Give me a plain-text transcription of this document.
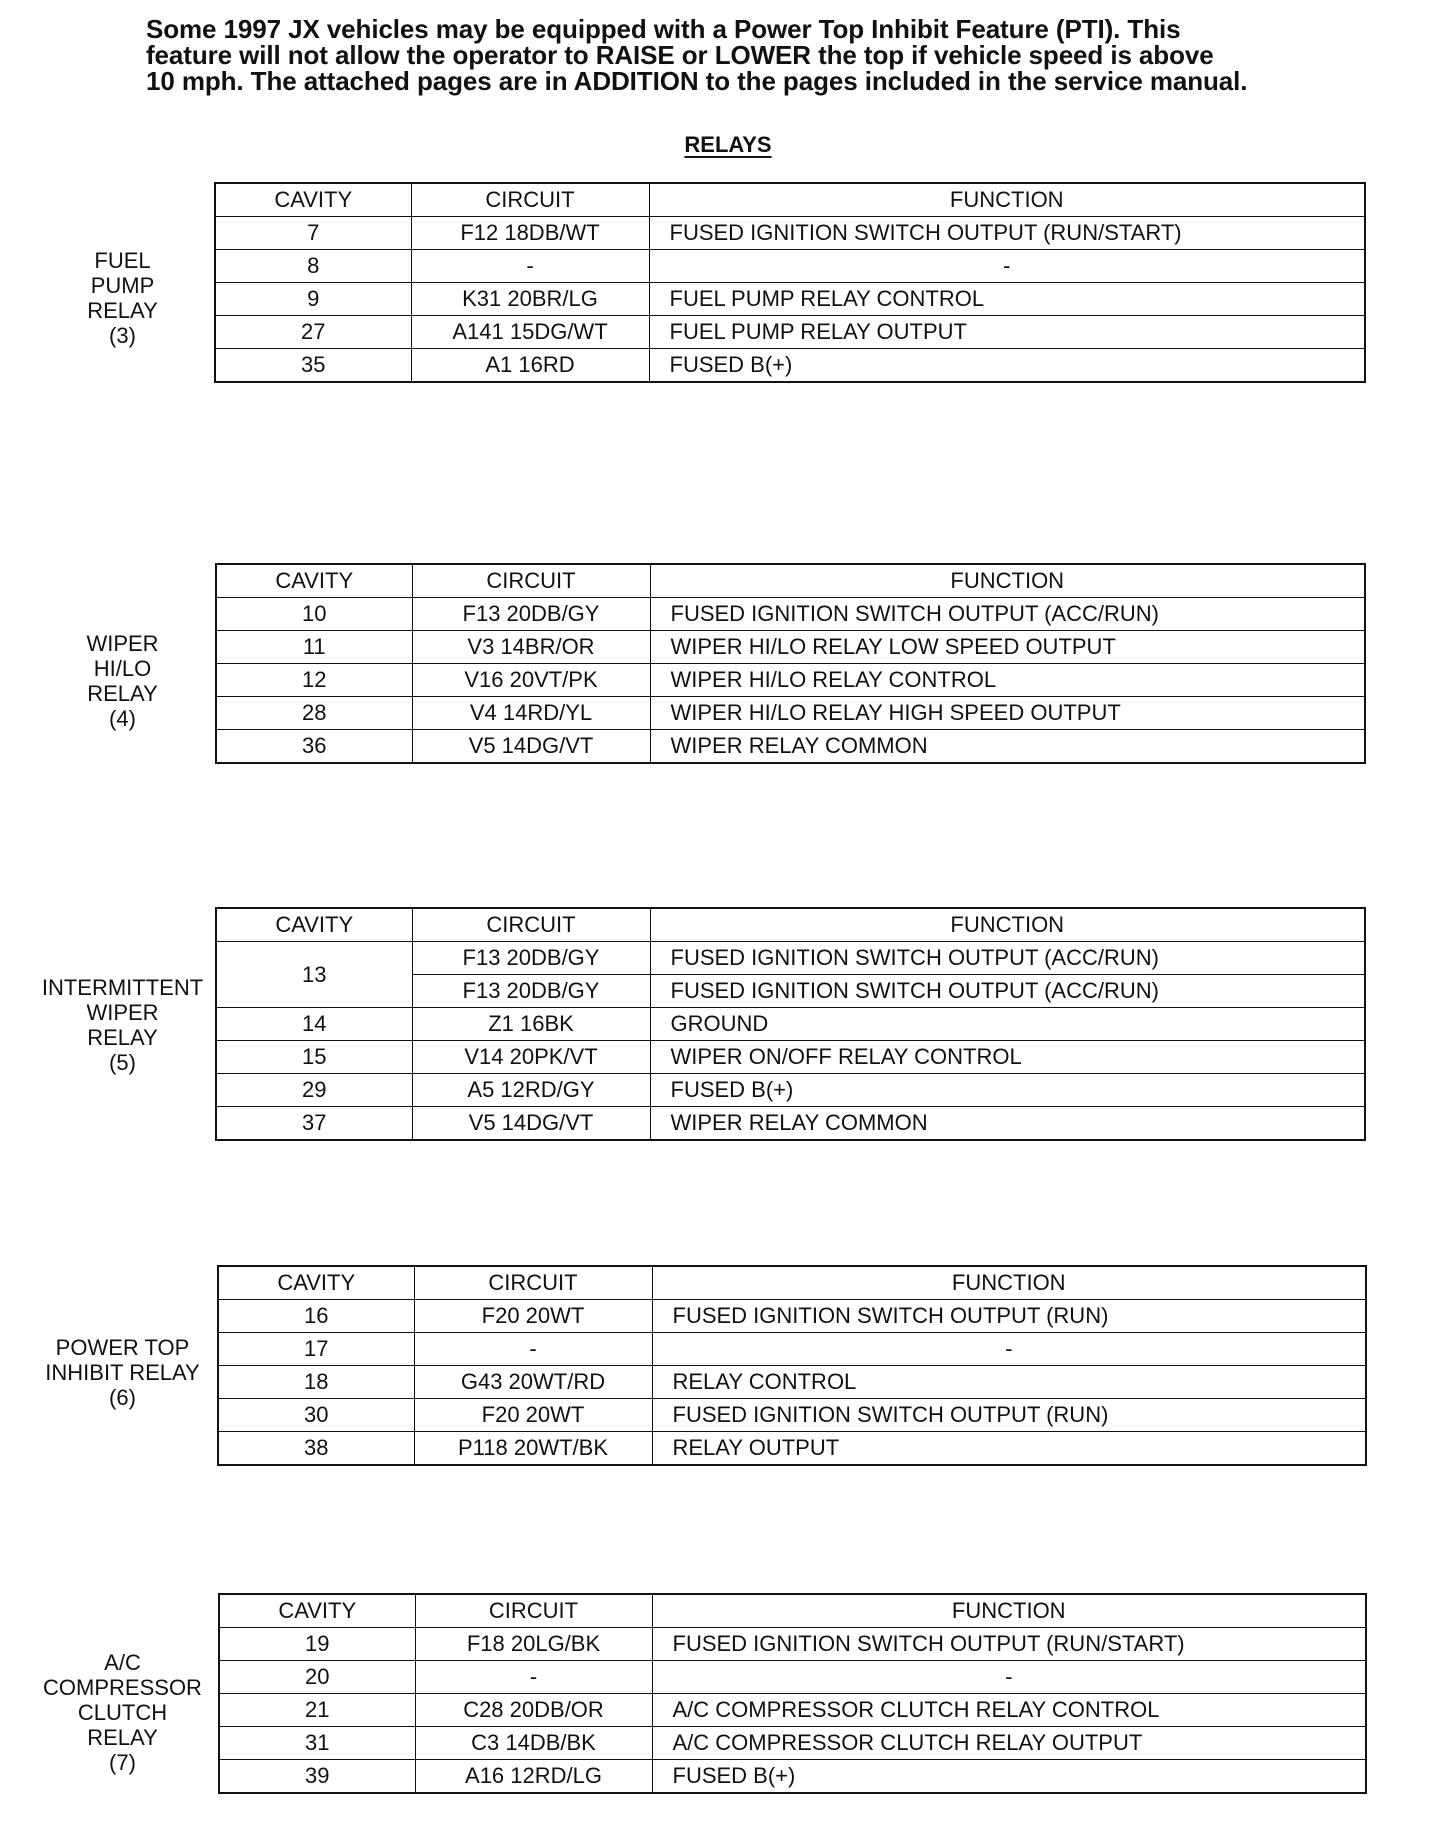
Some 1997 JX vehicles may be equipped with a Power Top Inhibit Feature (PTI). This
feature will not allow the operator to RAISE or LOWER the top if vehicle speed is above
10 mph. The attached pages are in ADDITION to the pages included in the service manual.
RELAYS
FUEL
PUMP
RELAY
(3)
CAVITY	CIRCUIT	FUNCTION
7	F12 18DB/WT	FUSED IGNITION SWITCH OUTPUT (RUN/START)
8	-	-
9	K31 20BR/LG	FUEL PUMP RELAY CONTROL
27	A141 15DG/WT	FUEL PUMP RELAY OUTPUT
35	A1 16RD	FUSED B(+)
WIPER
HI/LO
RELAY
(4)
CAVITY	CIRCUIT	FUNCTION
10	F13 20DB/GY	FUSED IGNITION SWITCH OUTPUT (ACC/RUN)
11	V3 14BR/OR	WIPER HI/LO RELAY LOW SPEED OUTPUT
12	V16 20VT/PK	WIPER HI/LO RELAY CONTROL
28	V4 14RD/YL	WIPER HI/LO RELAY HIGH SPEED OUTPUT
36	V5 14DG/VT	WIPER RELAY COMMON
INTERMITTENT
WIPER
RELAY
(5)
CAVITY	CIRCUIT	FUNCTION
13	F13 20DB/GY	FUSED IGNITION SWITCH OUTPUT (ACC/RUN)
	F13 20DB/GY	FUSED IGNITION SWITCH OUTPUT (ACC/RUN)
14	Z1 16BK	GROUND
15	V14 20PK/VT	WIPER ON/OFF RELAY CONTROL
29	A5 12RD/GY	FUSED B(+)
37	V5 14DG/VT	WIPER RELAY COMMON
POWER TOP
INHIBIT RELAY
(6)
CAVITY	CIRCUIT	FUNCTION
16	F20 20WT	FUSED IGNITION SWITCH OUTPUT (RUN)
17	-	-
18	G43 20WT/RD	RELAY CONTROL
30	F20 20WT	FUSED IGNITION SWITCH OUTPUT (RUN)
38	P118 20WT/BK	RELAY OUTPUT
A/C
COMPRESSOR
CLUTCH
RELAY
(7)
CAVITY	CIRCUIT	FUNCTION
19	F18 20LG/BK	FUSED IGNITION SWITCH OUTPUT (RUN/START)
20	-	-
21	C28 20DB/OR	A/C COMPRESSOR CLUTCH RELAY CONTROL
31	C3 14DB/BK	A/C COMPRESSOR CLUTCH RELAY OUTPUT
39	A16 12RD/LG	FUSED B(+)
